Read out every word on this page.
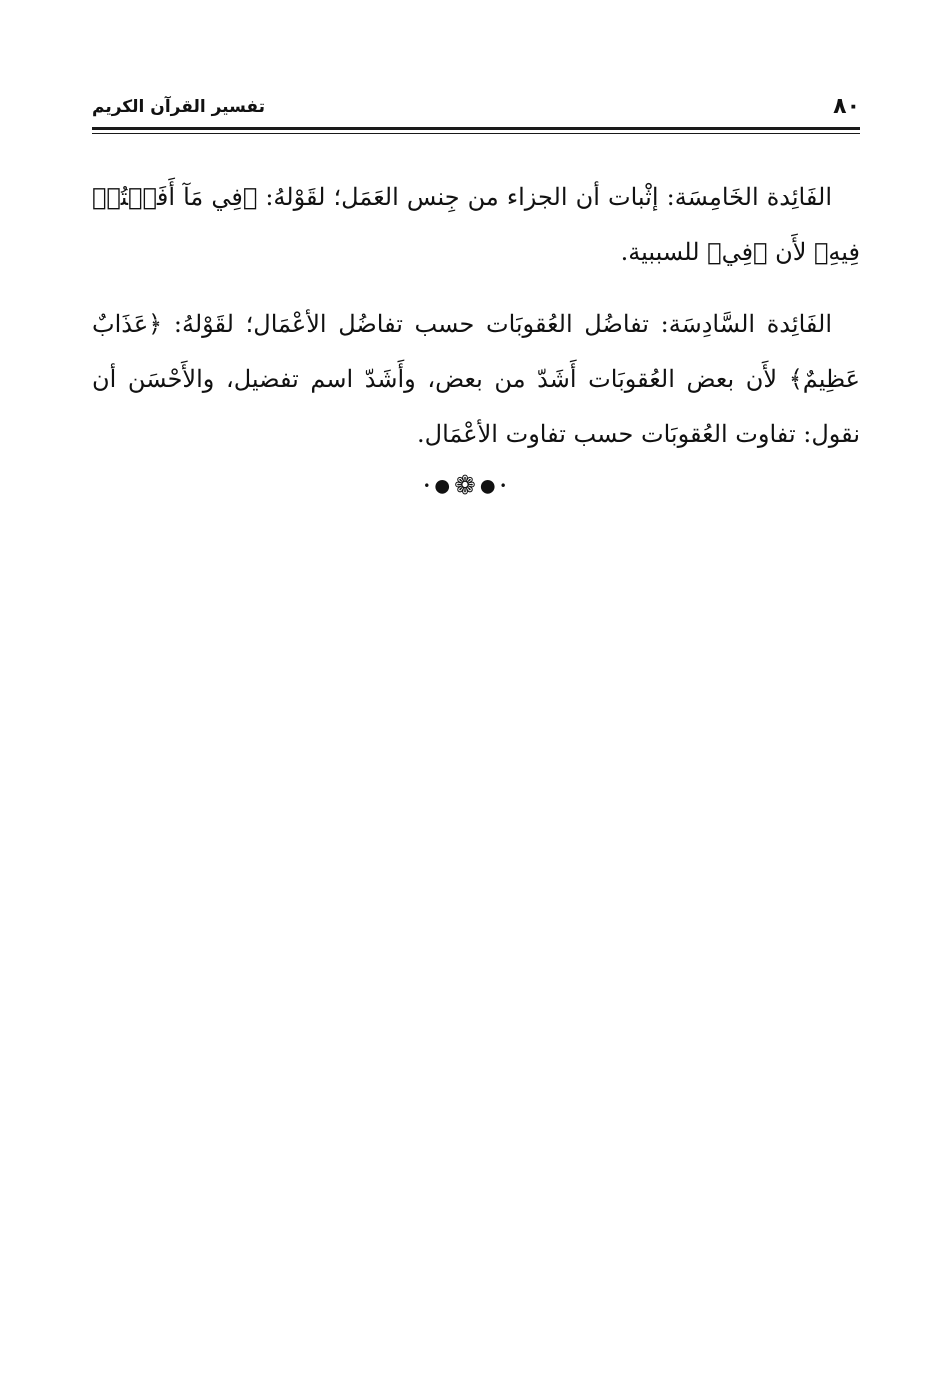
٨٠
تفسير القرآن الكريم

الفَائِدة الخَامِسَة: إثْبات أن الجزاء من جِنس العَمَل؛ لقَوْلهُ: ﴿فِي مَآ أَفَضۡتُمۡ فِيهِ﴾ لأَن ﴿فِي﴾ للسببية.

الفَائِدة السَّادِسَة: تفاضُل العُقوبَات حسب تفاضُل الأعْمَال؛ لقَوْلهُ: ﴿عَذَابٌ عَظِيمٌ﴾ لأَن بعض العُقوبَات أَشَدّ من بعض، وأَشَدّ اسم تفضيل، والأَحْسَن أن نقول: تفاوت العُقوبَات حسب تفاوت الأعْمَال.

•●❁●•
